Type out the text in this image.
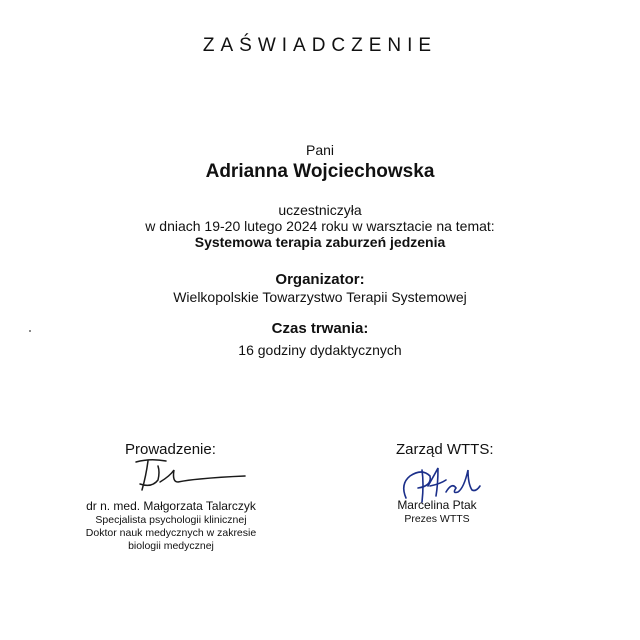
ZAŚWIADCZENIE
Pani
Adrianna Wojciechowska
uczestniczyła
w dniach 19-20 lutego 2024 roku w warsztacie na temat:
Systemowa terapia zaburzeń jedzenia
Organizator:
Wielkopolskie Towarzystwo Terapii Systemowej
Czas trwania:
16 godziny dydaktycznych
Prowadzenie:	Zarząd WTTS:
dr n. med. Małgorzata Talarczyk
Specjalista psychologii klinicznej
Doktor nauk medycznych w zakresie
biologii medycznej
Marcelina Ptak
Prezes WTTS
